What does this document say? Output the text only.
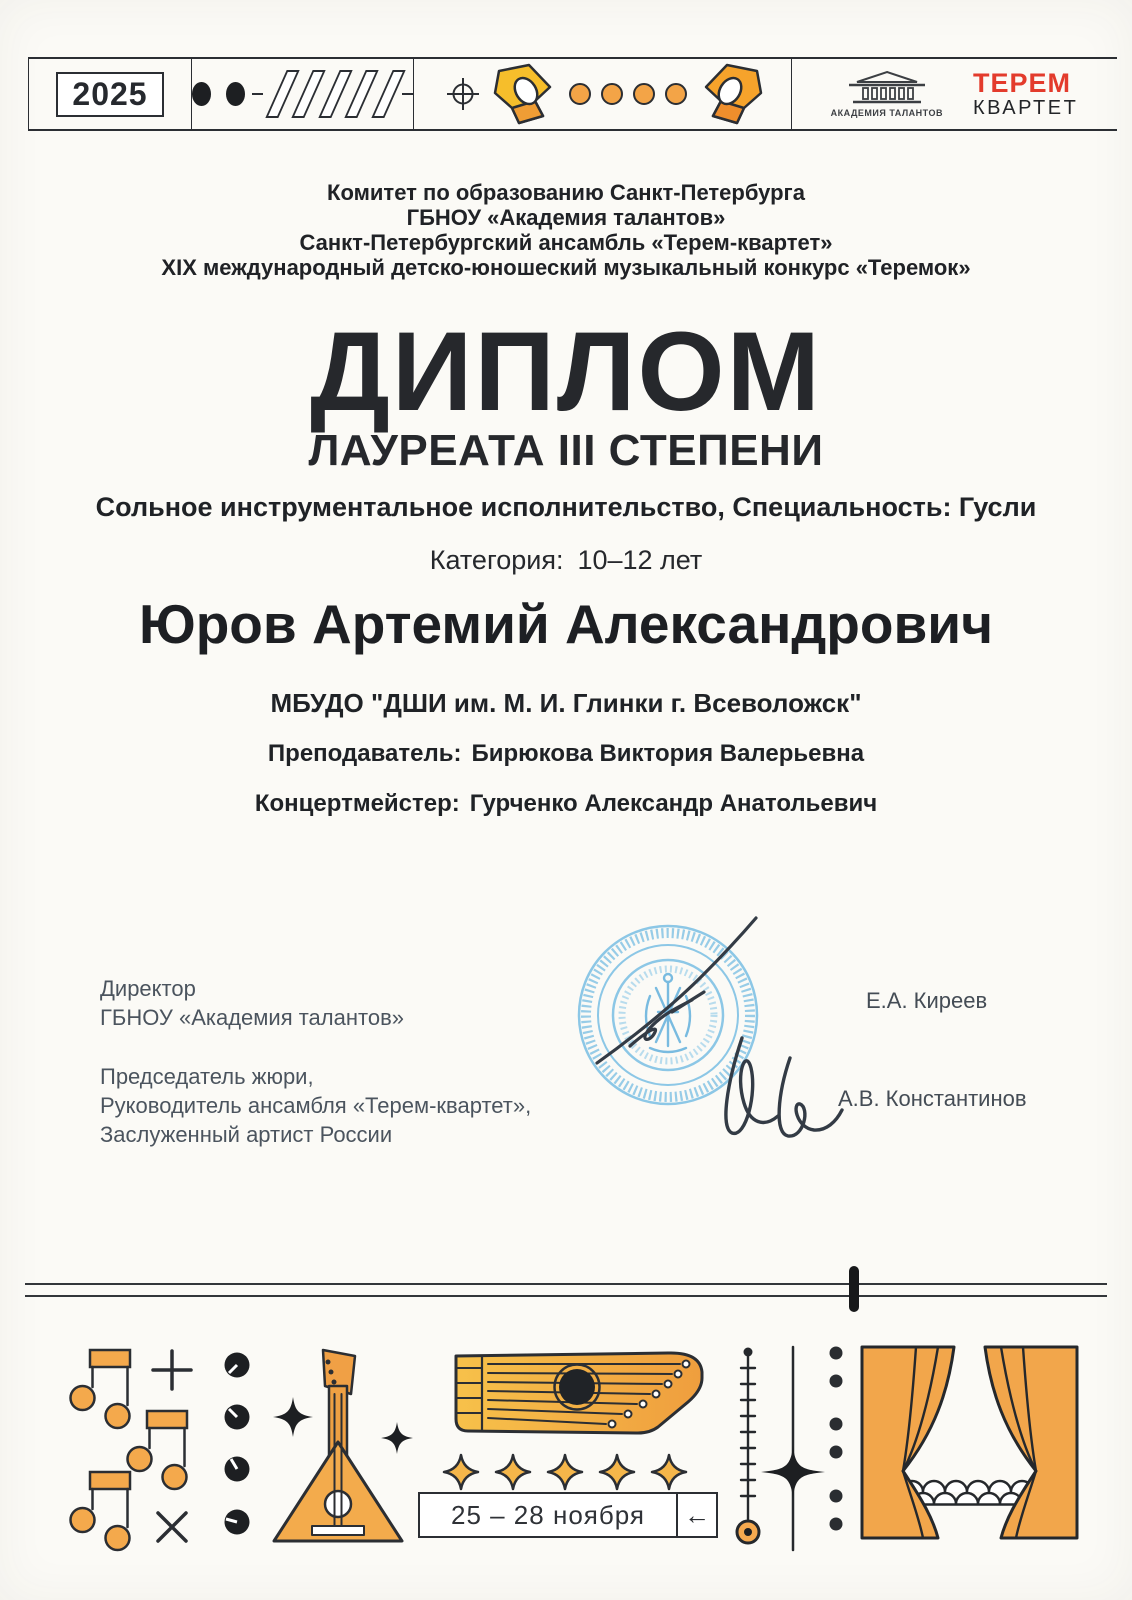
2025
АКАДЕМИЯ ТАЛАНТОВ
ТЕРЕМ
КВАРТЕТ
Комитет по образованию Санкт-Петербурга
ГБНОУ «Академия талантов»
Санкт-Петербургский ансамбль «Терем-квартет»
XIX международный детско-юношеский музыкальный конкурс «Теремок»
ДИПЛОМ
ЛАУРЕАТА III СТЕПЕНИ
Сольное инструментальное исполнительство, Специальность: Гусли
Категория: 10–12 лет
Юров Артемий Александрович
МБУДО "ДШИ им. М. И. Глинки г. Всеволожск"
Преподаватель: Бирюкова Виктория Валерьевна
Концертмейстер: Гурченко Александр Анатольевич
Директор
ГБНОУ «Академия талантов»
Е.А. Киреев
Председатель жюри,
Руководитель ансамбля «Терем-квартет»,
Заслуженный артист России
А.В. Константинов
25 – 28 ноября ←
